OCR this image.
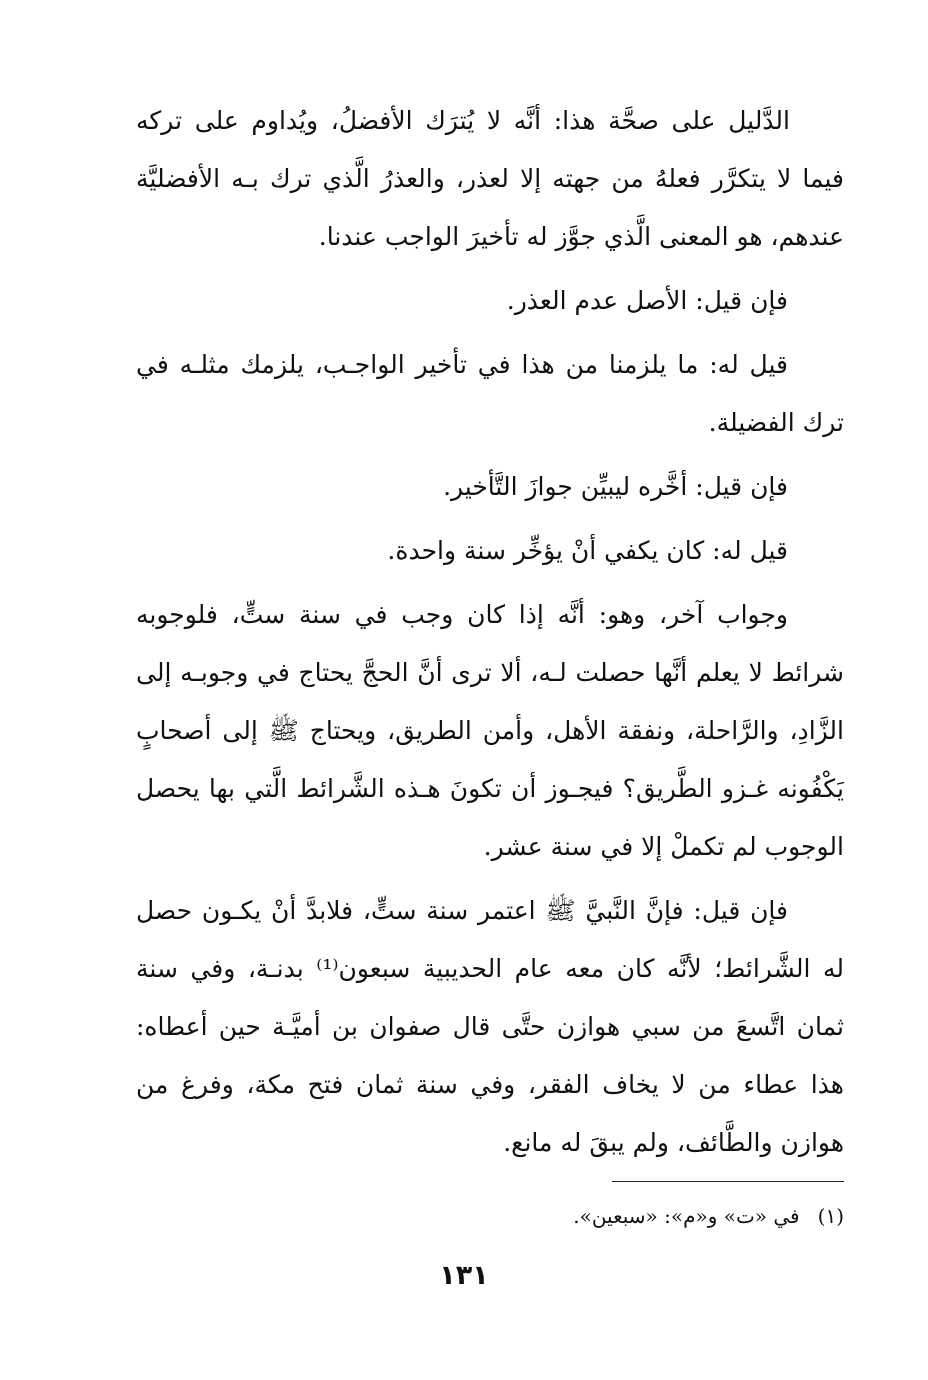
الدَّليل على صحَّة هذا: أنَّه لا يُترَك الأفضلُ، ويُداوم على تركه فيما لا يتكرَّر فعلهُ من جهته إلا لعذر، والعذرُ الَّذي ترك بـه الأفضليَّة عندهم، هو المعنى الَّذي جوَّز له تأخيرَ الواجب عندنا.

فإن قيل: الأصل عدم العذر.

قيل له: ما يلزمنا من هذا في تأخير الواجـب، يلزمك مثلـه في ترك الفضيلة.

فإن قيل: أخَّره ليبيِّن جوازَ التَّأخير.

قيل له: كان يكفي أنْ يؤخِّر سنة واحدة.

وجواب آخر، وهو: أنَّه إذا كان وجب في سنة ستٍّ، فلوجوبه شرائط لا يعلم أنَّها حصلت لـه، ألا ترى أنَّ الحجَّ يحتاج في وجوبـه إلى الزَّادِ، والرَّاحلة، ونفقة الأهل، وأمن الطريق، ويحتاج ﷺ إلى أصحابٍ يَكْفُونه غـزو الطَّريق؟ فيجـوز أن تكونَ هـذه الشَّرائط الَّتي بها يحصل الوجوب لم تكملْ إلا في سنة عشر.

فإن قيل: فإنَّ النَّبيَّ ﷺ اعتمر سنة ستٍّ، فلابدَّ أنْ يكـون حصل له الشَّرائط؛ لأنَّه كان معه عام الحديبية سبعون⁽¹⁾ بدنـة، وفي سنة ثمان اتَّسعَ من سبي هوازن حتَّى قال صفوان بن أميَّـة حين أعطاه: هذا عطاء من لا يخاف الفقر، وفي سنة ثمان فتح مكة، وفرغ من هوازن والطَّائف، ولم يبقَ له مانع.

(١)في «ت» و«م»: «سبعين».
١٣١
